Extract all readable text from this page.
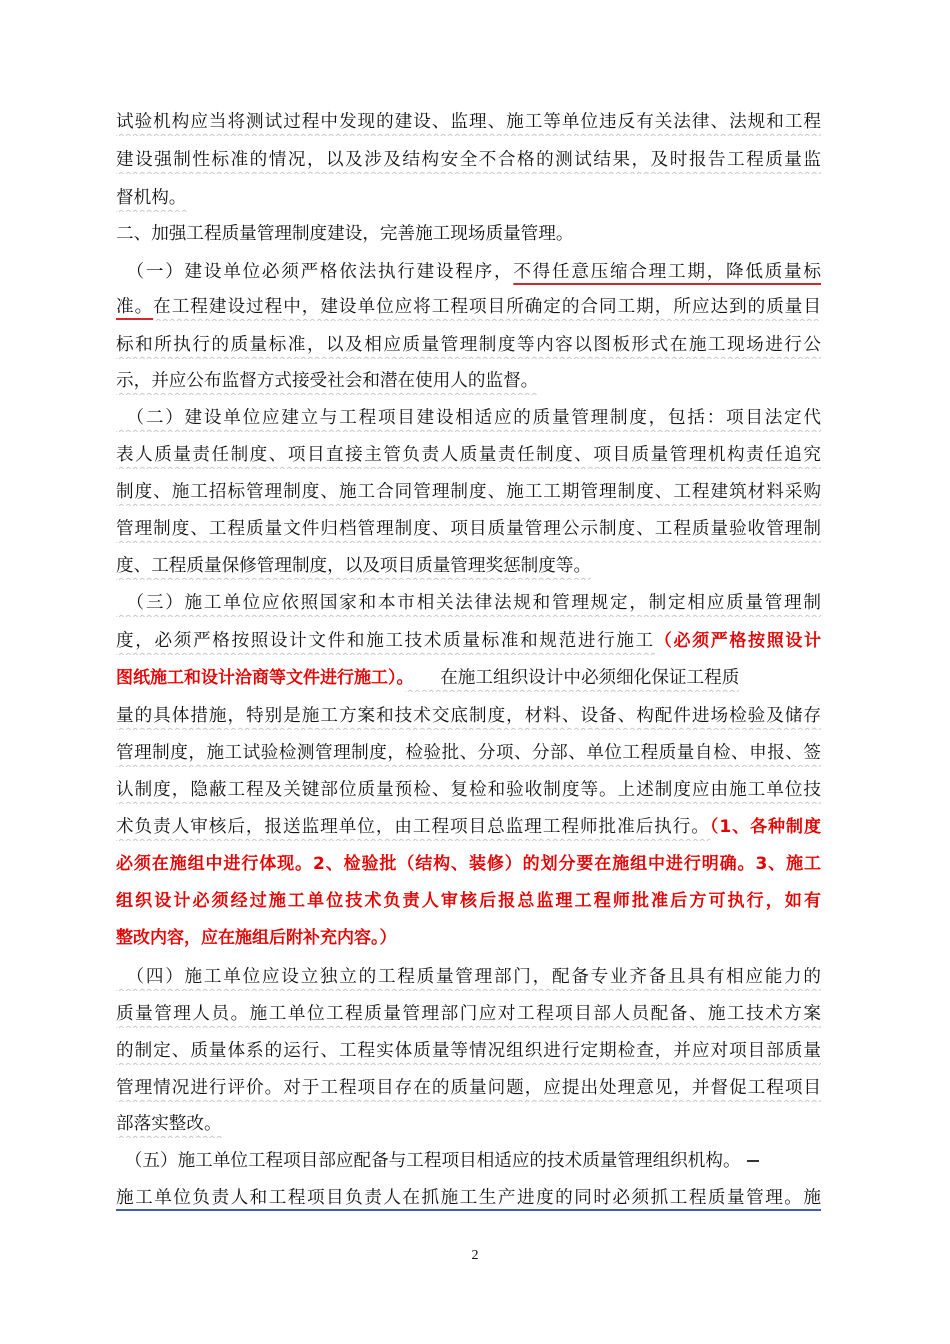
2
试验机构应当将测试过程中发现的建设、监理、施工等单位违反有关法律、法规和工程
建设强制性标准的情况，以及涉及结构安全不合格的测试结果，及时报告工程质量监
督机构。
二、加强工程质量管理制度建设，完善施工现场质量管理。
　（一）建设单位必须严格依法执行建设程序，不得任意压缩合理工期，降低质量标
准。在工程建设过程中，建设单位应将工程项目所确定的合同工期，所应达到的质量目
标和所执行的质量标准，以及相应质量管理制度等内容以图板形式在施工现场进行公
示，并应公布监督方式接受社会和潜在使用人的监督。
　（二）建设单位应建立与工程项目建设相适应的质量管理制度，包括：项目法定代
表人质量责任制度、项目直接主管负责人质量责任制度、项目质量管理机构责任追究
制度、施工招标管理制度、施工合同管理制度、施工工期管理制度、工程建筑材料采购
管理制度、工程质量文件归档管理制度、项目质量管理公示制度、工程质量验收管理制
度、工程质量保修管理制度，以及项目质量管理奖惩制度等。
　（三）施工单位应依照国家和本市相关法律法规和管理规定，制定相应质量管理制
度，必须严格按照设计文件和施工技术质量标准和规范进行施工（必须严格按照设计
图纸施工和设计洽商等文件进行施工）。　　在施工组织设计中必须细化保证工程质
量的具体措施，特别是施工方案和技术交底制度，材料、设备、构配件进场检验及储存
管理制度，施工试验检测管理制度，检验批、分项、分部、单位工程质量自检、申报、签
认制度，隐蔽工程及关键部位质量预检、复检和验收制度等。上述制度应由施工单位技
术负责人审核后，报送监理单位，由工程项目总监理工程师批准后执行。（1、各种制度
必须在施组中进行体现。2、检验批（结构、装修）的划分要在施组中进行明确。3、施工
组织设计必须经过施工单位技术负责人审核后报总监理工程师批准后方可执行，如有
整改内容，应在施组后附补充内容。）
　（四）施工单位应设立独立的工程质量管理部门，配备专业齐备且具有相应能力的
质量管理人员。施工单位工程质量管理部门应对工程项目部人员配备、施工技术方案
的制定、质量体系的运行、工程实体质量等情况组织进行定期检查，并应对项目部质量
管理情况进行评价。对于工程项目存在的质量问题，应提出处理意见，并督促工程项目
部落实整改。
　（五）施工单位工程项目部应配备与工程项目相适应的技术质量管理组织机构。
施工单位负责人和工程项目负责人在抓施工生产进度的同时必须抓工程质量管理。施
